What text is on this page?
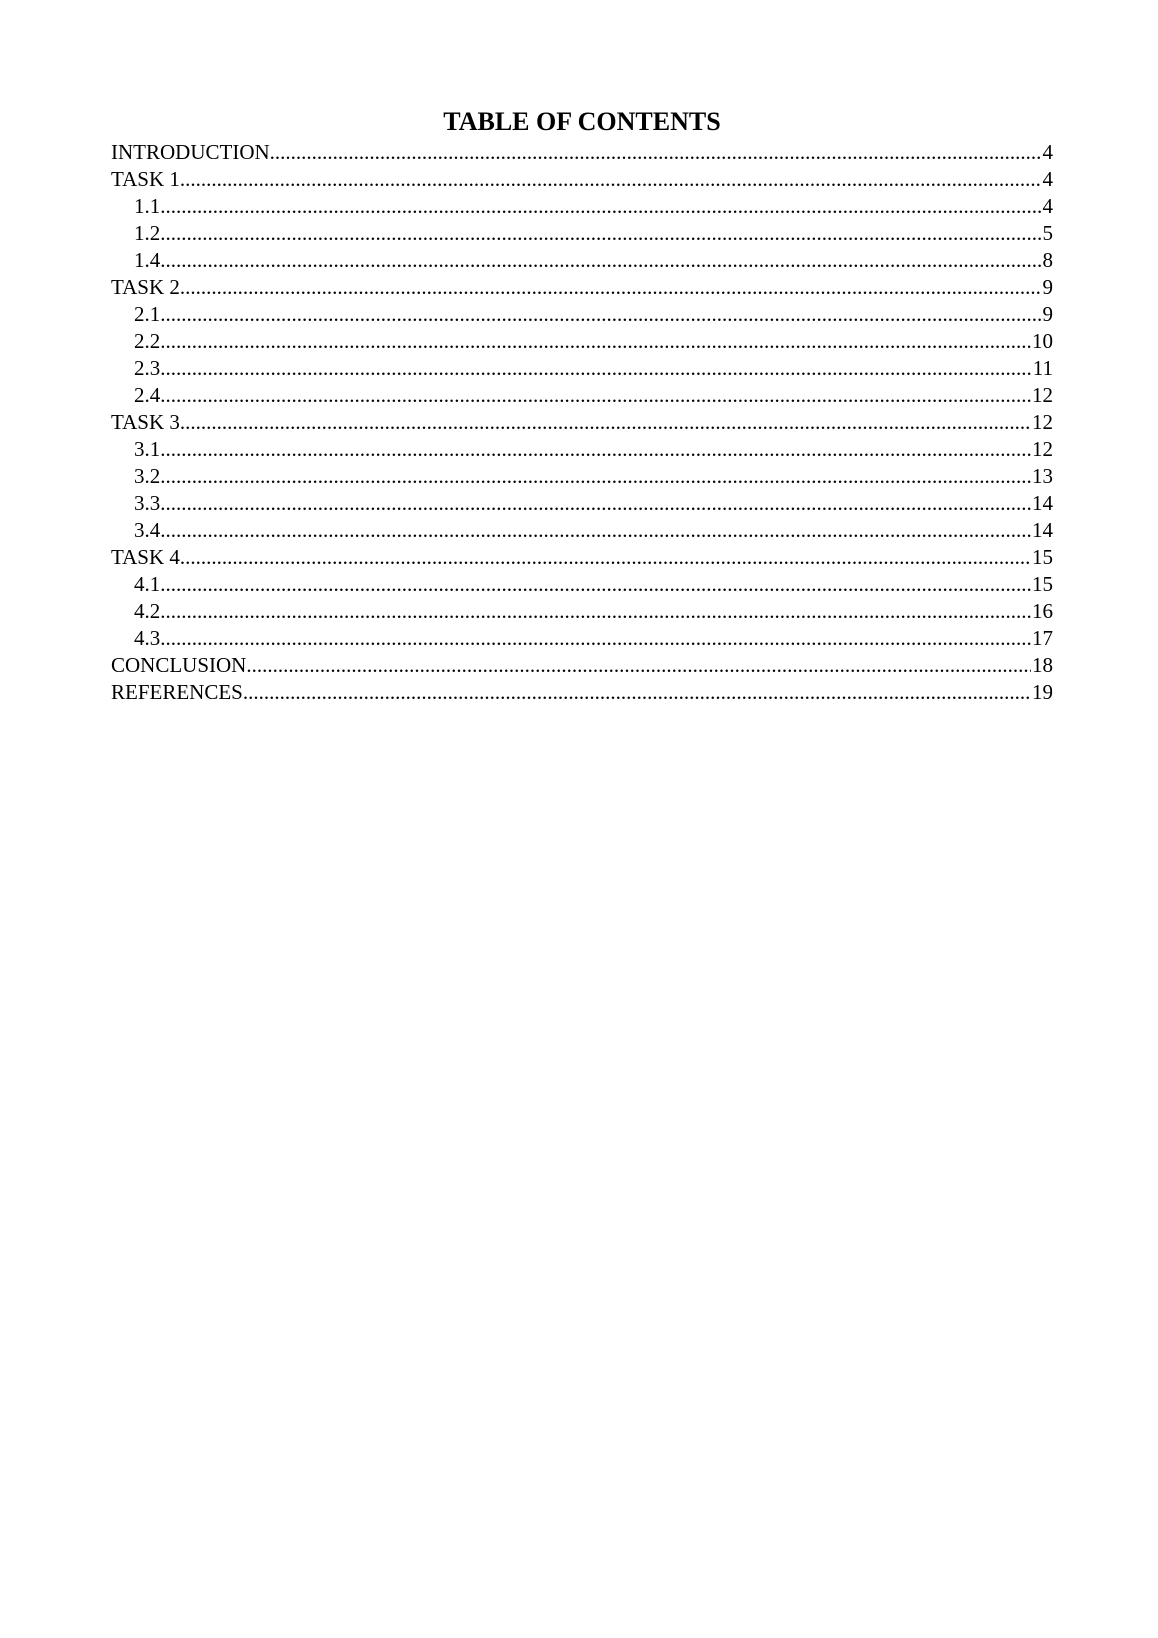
TABLE OF CONTENTS
INTRODUCTION .....	4
TASK 1 .....	4
1.1 .....	4
1.2 .....	5
1.4 .....	8
TASK 2 .....	9
2.1 .....	9
2.2 .....	10
2.3 .....	11
2.4 .....	12
TASK 3 .....	12
3.1 .....	12
3.2 .....	13
3.3 .....	14
3.4 .....	14
TASK 4 .....	15
4.1 .....	15
4.2 .....	16
4.3 .....	17
CONCLUSION .....	18
REFERENCES .....	19
